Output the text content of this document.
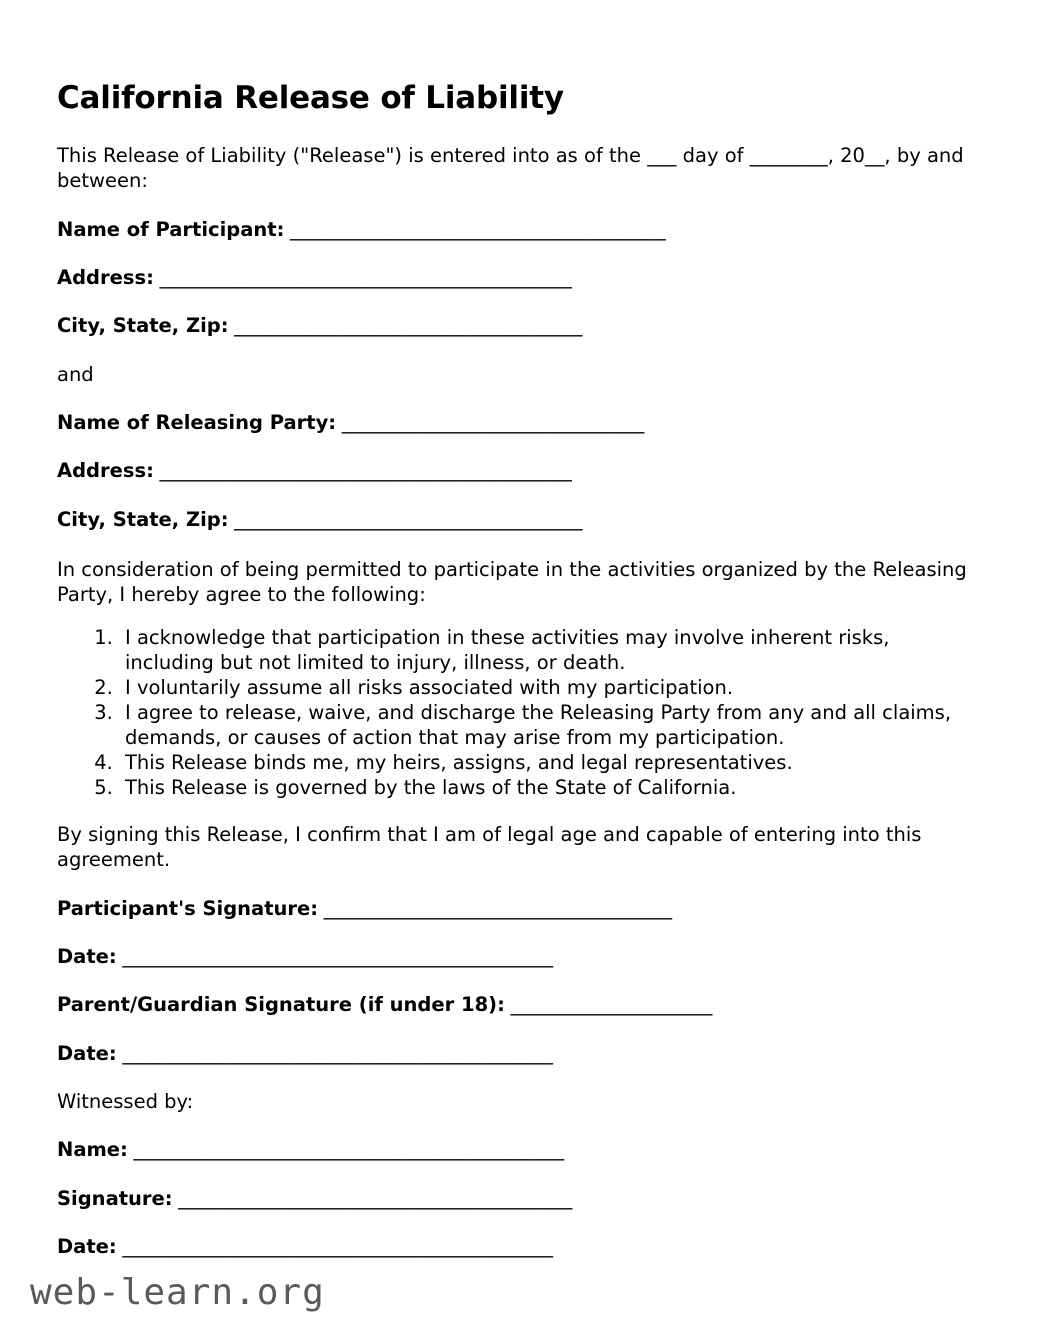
California Release of Liability

This Release of Liability ("Release") is entered into as of the ___ day of ________, 20__, by and between:

Name of Participant: _________________________________________
Address: _____________________________________________
City, State, Zip: ______________________________________
and
Name of Releasing Party: _________________________________
Address: _____________________________________________
City, State, Zip: ______________________________________

In consideration of being permitted to participate in the activities organized by the Releasing Party, I hereby agree to the following:

1. I acknowledge that participation in these activities may involve inherent risks, including but not limited to injury, illness, or death.
2. I voluntarily assume all risks associated with my participation.
3. I agree to release, waive, and discharge the Releasing Party from any and all claims, demands, or causes of action that may arise from my participation.
4. This Release binds me, my heirs, assigns, and legal representatives.
5. This Release is governed by the laws of the State of California.

By signing this Release, I confirm that I am of legal age and capable of entering into this agreement.

Participant's Signature: ______________________________________
Date: _______________________________________________
Parent/Guardian Signature (if under 18): ______________________
Date: _______________________________________________
Witnessed by:
Name: _______________________________________________
Signature: ___________________________________________
Date: _______________________________________________
web-learn.org
